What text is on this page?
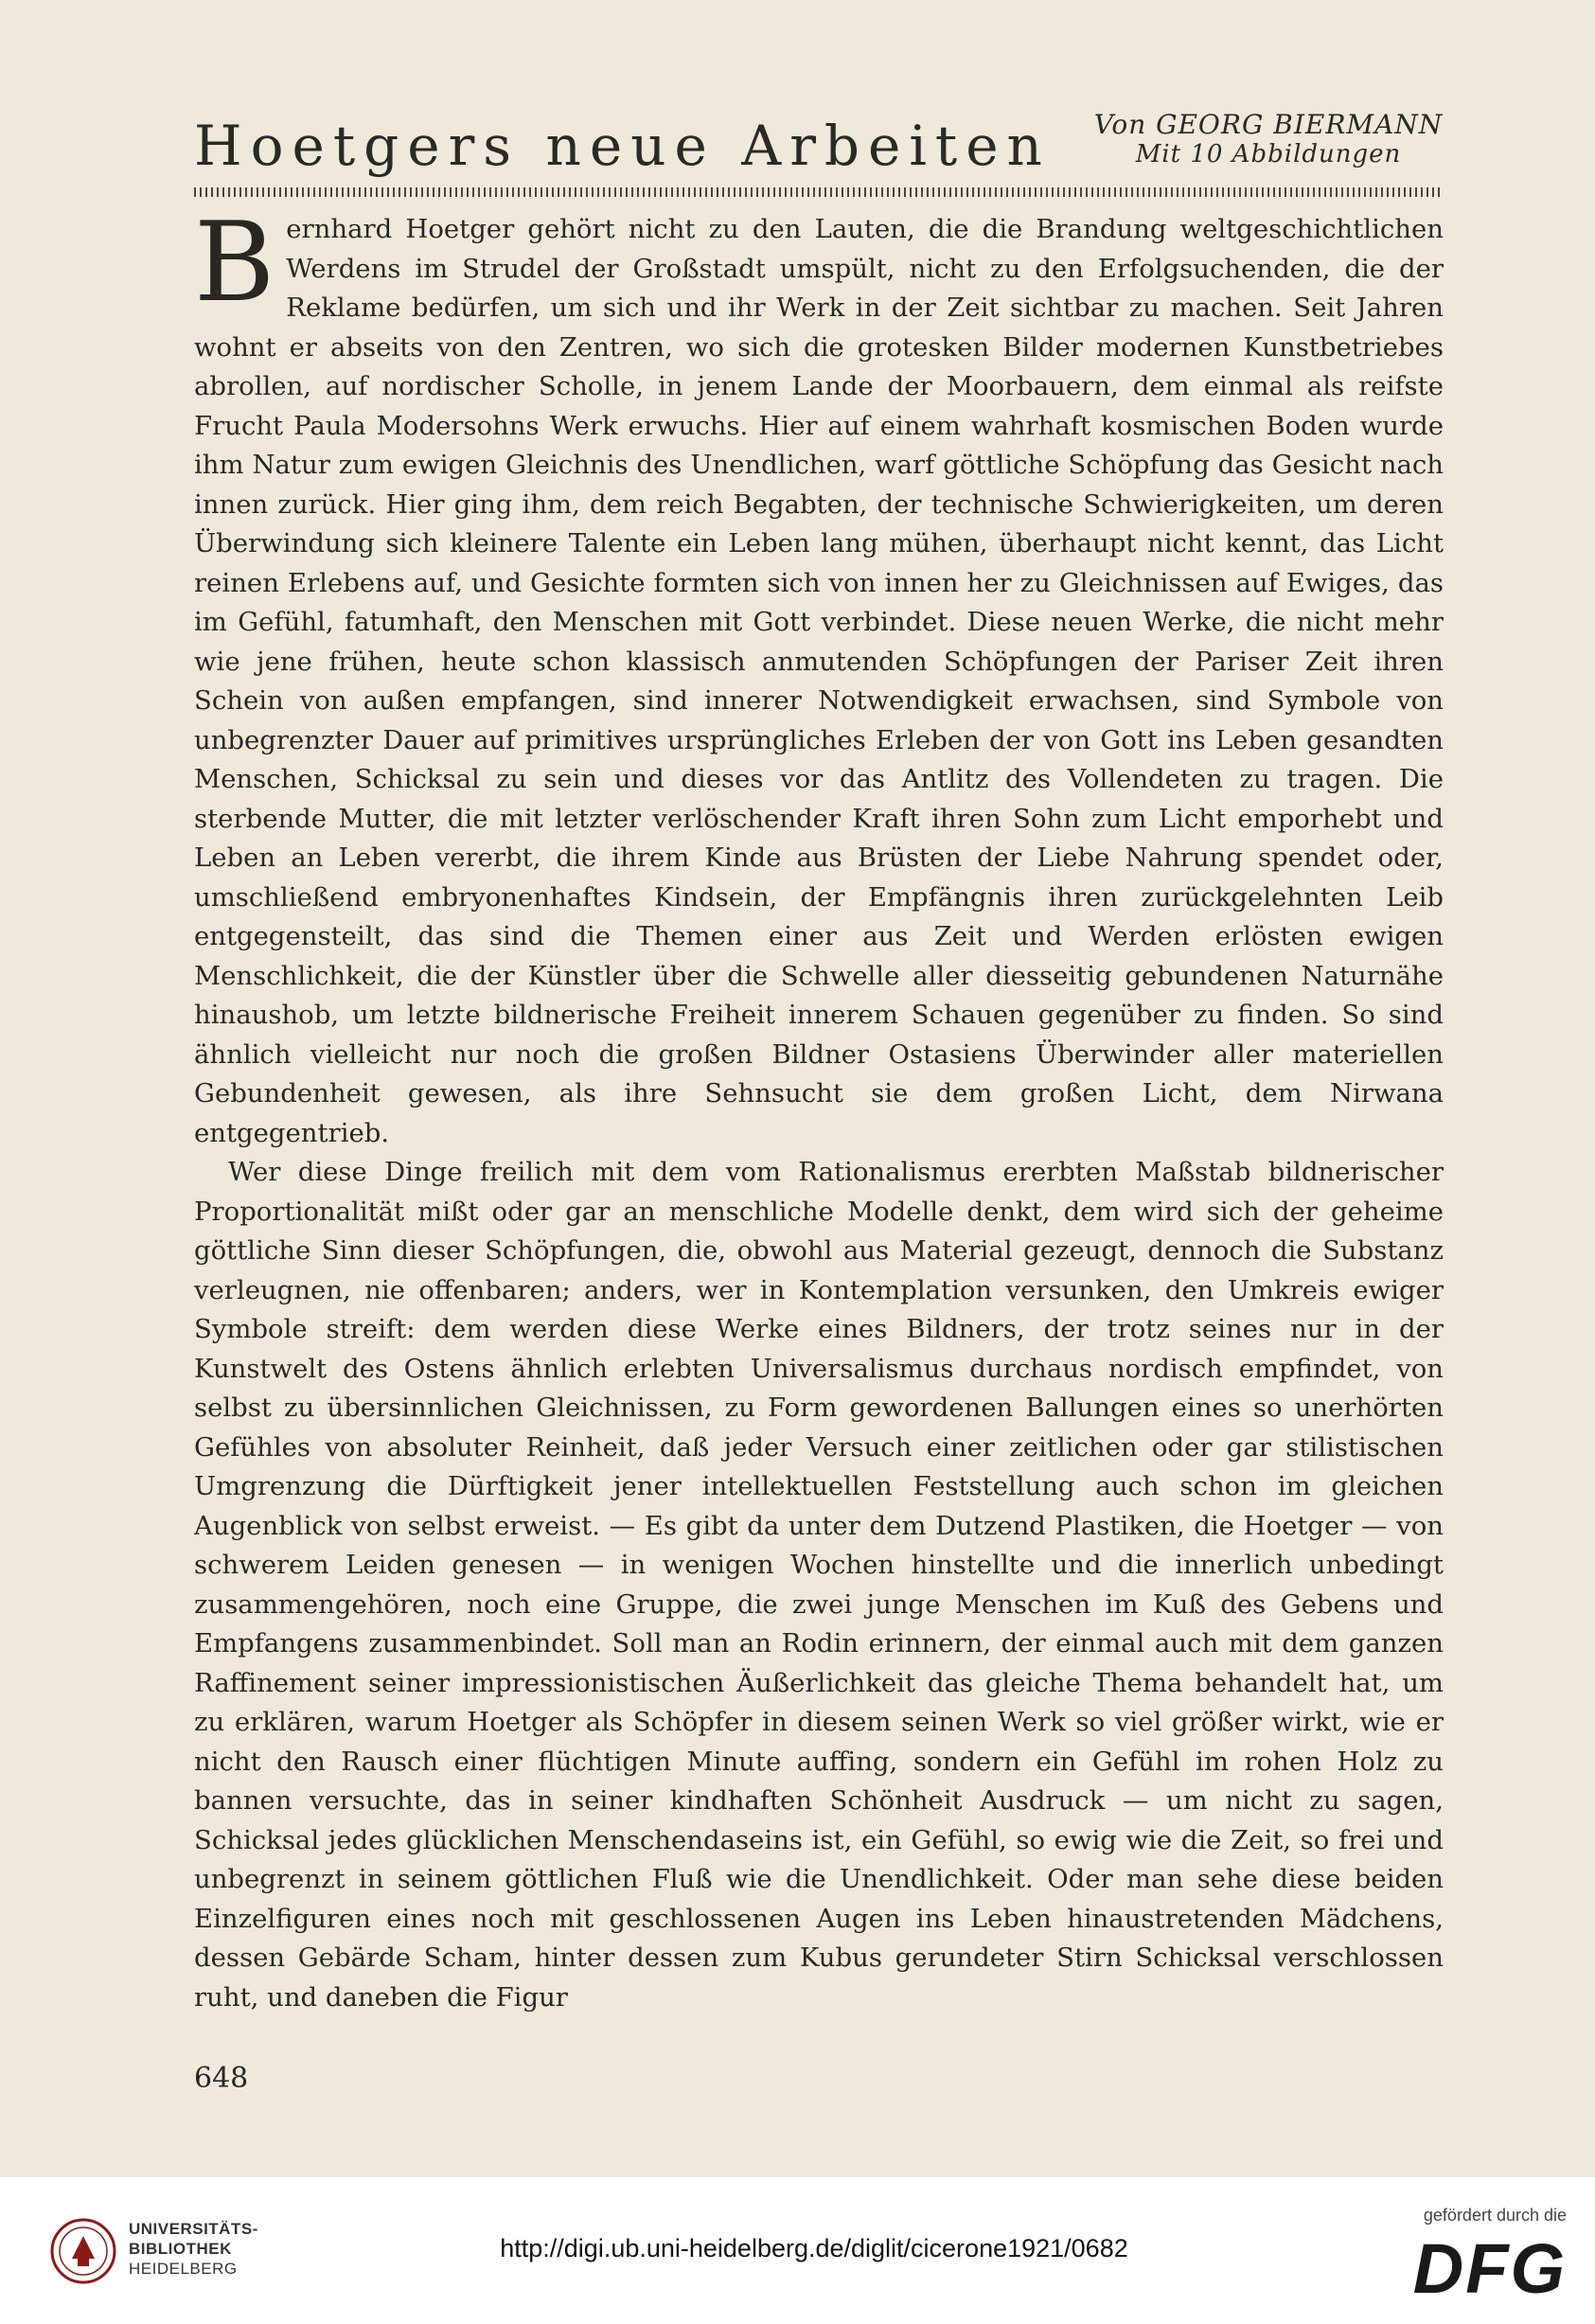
Hoetgers neue Arbeiten	Von GEORG BIERMANN
Mit 10 Abbildungen

Bernhard Hoetger gehört nicht zu den Lauten, die die Brandung weltgeschichtlichen Werdens im Strudel der Großstadt umspült, nicht zu den Erfolgsuchenden, die der Reklame bedürfen, um sich und ihr Werk in der Zeit sichtbar zu machen. Seit Jahren wohnt er abseits von den Zentren, wo sich die grotesken Bilder modernen Kunstbetriebes abrollen, auf nordischer Scholle, in jenem Lande der Moorbauern, dem einmal als reifste Frucht Paula Modersohns Werk erwuchs. Hier auf einem wahrhaft kosmischen Boden wurde ihm Natur zum ewigen Gleichnis des Unendlichen, warf göttliche Schöpfung das Gesicht nach innen zurück. Hier ging ihm, dem reich Begabten, der technische Schwierigkeiten, um deren Überwindung sich kleinere Talente ein Leben lang mühen, überhaupt nicht kennt, das Licht reinen Erlebens auf, und Gesichte formten sich von innen her zu Gleichnissen auf Ewiges, das im Gefühl, fatumhaft, den Menschen mit Gott verbindet. Diese neuen Werke, die nicht mehr wie jene frühen, heute schon klassisch anmutenden Schöpfungen der Pariser Zeit ihren Schein von außen empfangen, sind innerer Notwendigkeit erwachsen, sind Symbole von unbegrenzter Dauer auf primitives ursprüngliches Erleben der von Gott ins Leben gesandten Menschen, Schicksal zu sein und dieses vor das Antlitz des Vollendeten zu tragen. Die sterbende Mutter, die mit letzter verlöschender Kraft ihren Sohn zum Licht emporhebt und Leben an Leben vererbt, die ihrem Kinde aus Brüsten der Liebe Nahrung spendet oder, umschließend embryonenhaftes Kindsein, der Empfängnis ihren zurückgelehnten Leib entgegensteilt, das sind die Themen einer aus Zeit und Werden erlösten ewigen Menschlichkeit, die der Künstler über die Schwelle aller diesseitig gebundenen Naturnähe hinaushob, um letzte bildnerische Freiheit innerem Schauen gegenüber zu finden. So sind ähnlich vielleicht nur noch die großen Bildner Ostasiens Überwinder aller materiellen Gebundenheit gewesen, als ihre Sehnsucht sie dem großen Licht, dem Nirwana entgegentrieb.

Wer diese Dinge freilich mit dem vom Rationalismus ererbten Maßstab bildnerischer Proportionalität mißt oder gar an menschliche Modelle denkt, dem wird sich der geheime göttliche Sinn dieser Schöpfungen, die, obwohl aus Material gezeugt, dennoch die Substanz verleugnen, nie offenbaren; anders, wer in Kontemplation versunken, den Umkreis ewiger Symbole streift: dem werden diese Werke eines Bildners, der trotz seines nur in der Kunstwelt des Ostens ähnlich erlebten Universalismus durchaus nordisch empfindet, von selbst zu übersinnlichen Gleichnissen, zu Form gewordenen Ballungen eines so unerhörten Gefühles von absoluter Reinheit, daß jeder Versuch einer zeitlichen oder gar stilistischen Umgrenzung die Dürftigkeit jener intellektuellen Feststellung auch schon im gleichen Augenblick von selbst erweist. — Es gibt da unter dem Dutzend Plastiken, die Hoetger — von schwerem Leiden genesen — in wenigen Wochen hinstellte und die innerlich unbedingt zusammengehören, noch eine Gruppe, die zwei junge Menschen im Kuß des Gebens und Empfangens zusammenbindet. Soll man an Rodin erinnern, der einmal auch mit dem ganzen Raffinement seiner impressionistischen Äußerlichkeit das gleiche Thema behandelt hat, um zu erklären, warum Hoetger als Schöpfer in diesem seinen Werk so viel größer wirkt, wie er nicht den Rausch einer flüchtigen Minute auffing, sondern ein Gefühl im rohen Holz zu bannen versuchte, das in seiner kindhaften Schönheit Ausdruck — um nicht zu sagen, Schicksal jedes glücklichen Menschendaseins ist, ein Gefühl, so ewig wie die Zeit, so frei und unbegrenzt in seinem göttlichen Fluß wie die Unendlichkeit. Oder man sehe diese beiden Einzelfiguren eines noch mit geschlossenen Augen ins Leben hinaustretenden Mädchens, dessen Gebärde Scham, hinter dessen zum Kubus gerundeter Stirn Schicksal verschlossen ruht, und daneben die Figur

648
UNIVERSITÄTS-
BIBLIOTHEK
HEIDELBERG
http://digi.ub.uni-heidelberg.de/diglit/cicerone1921/0682
gefördert durch die
DFG
